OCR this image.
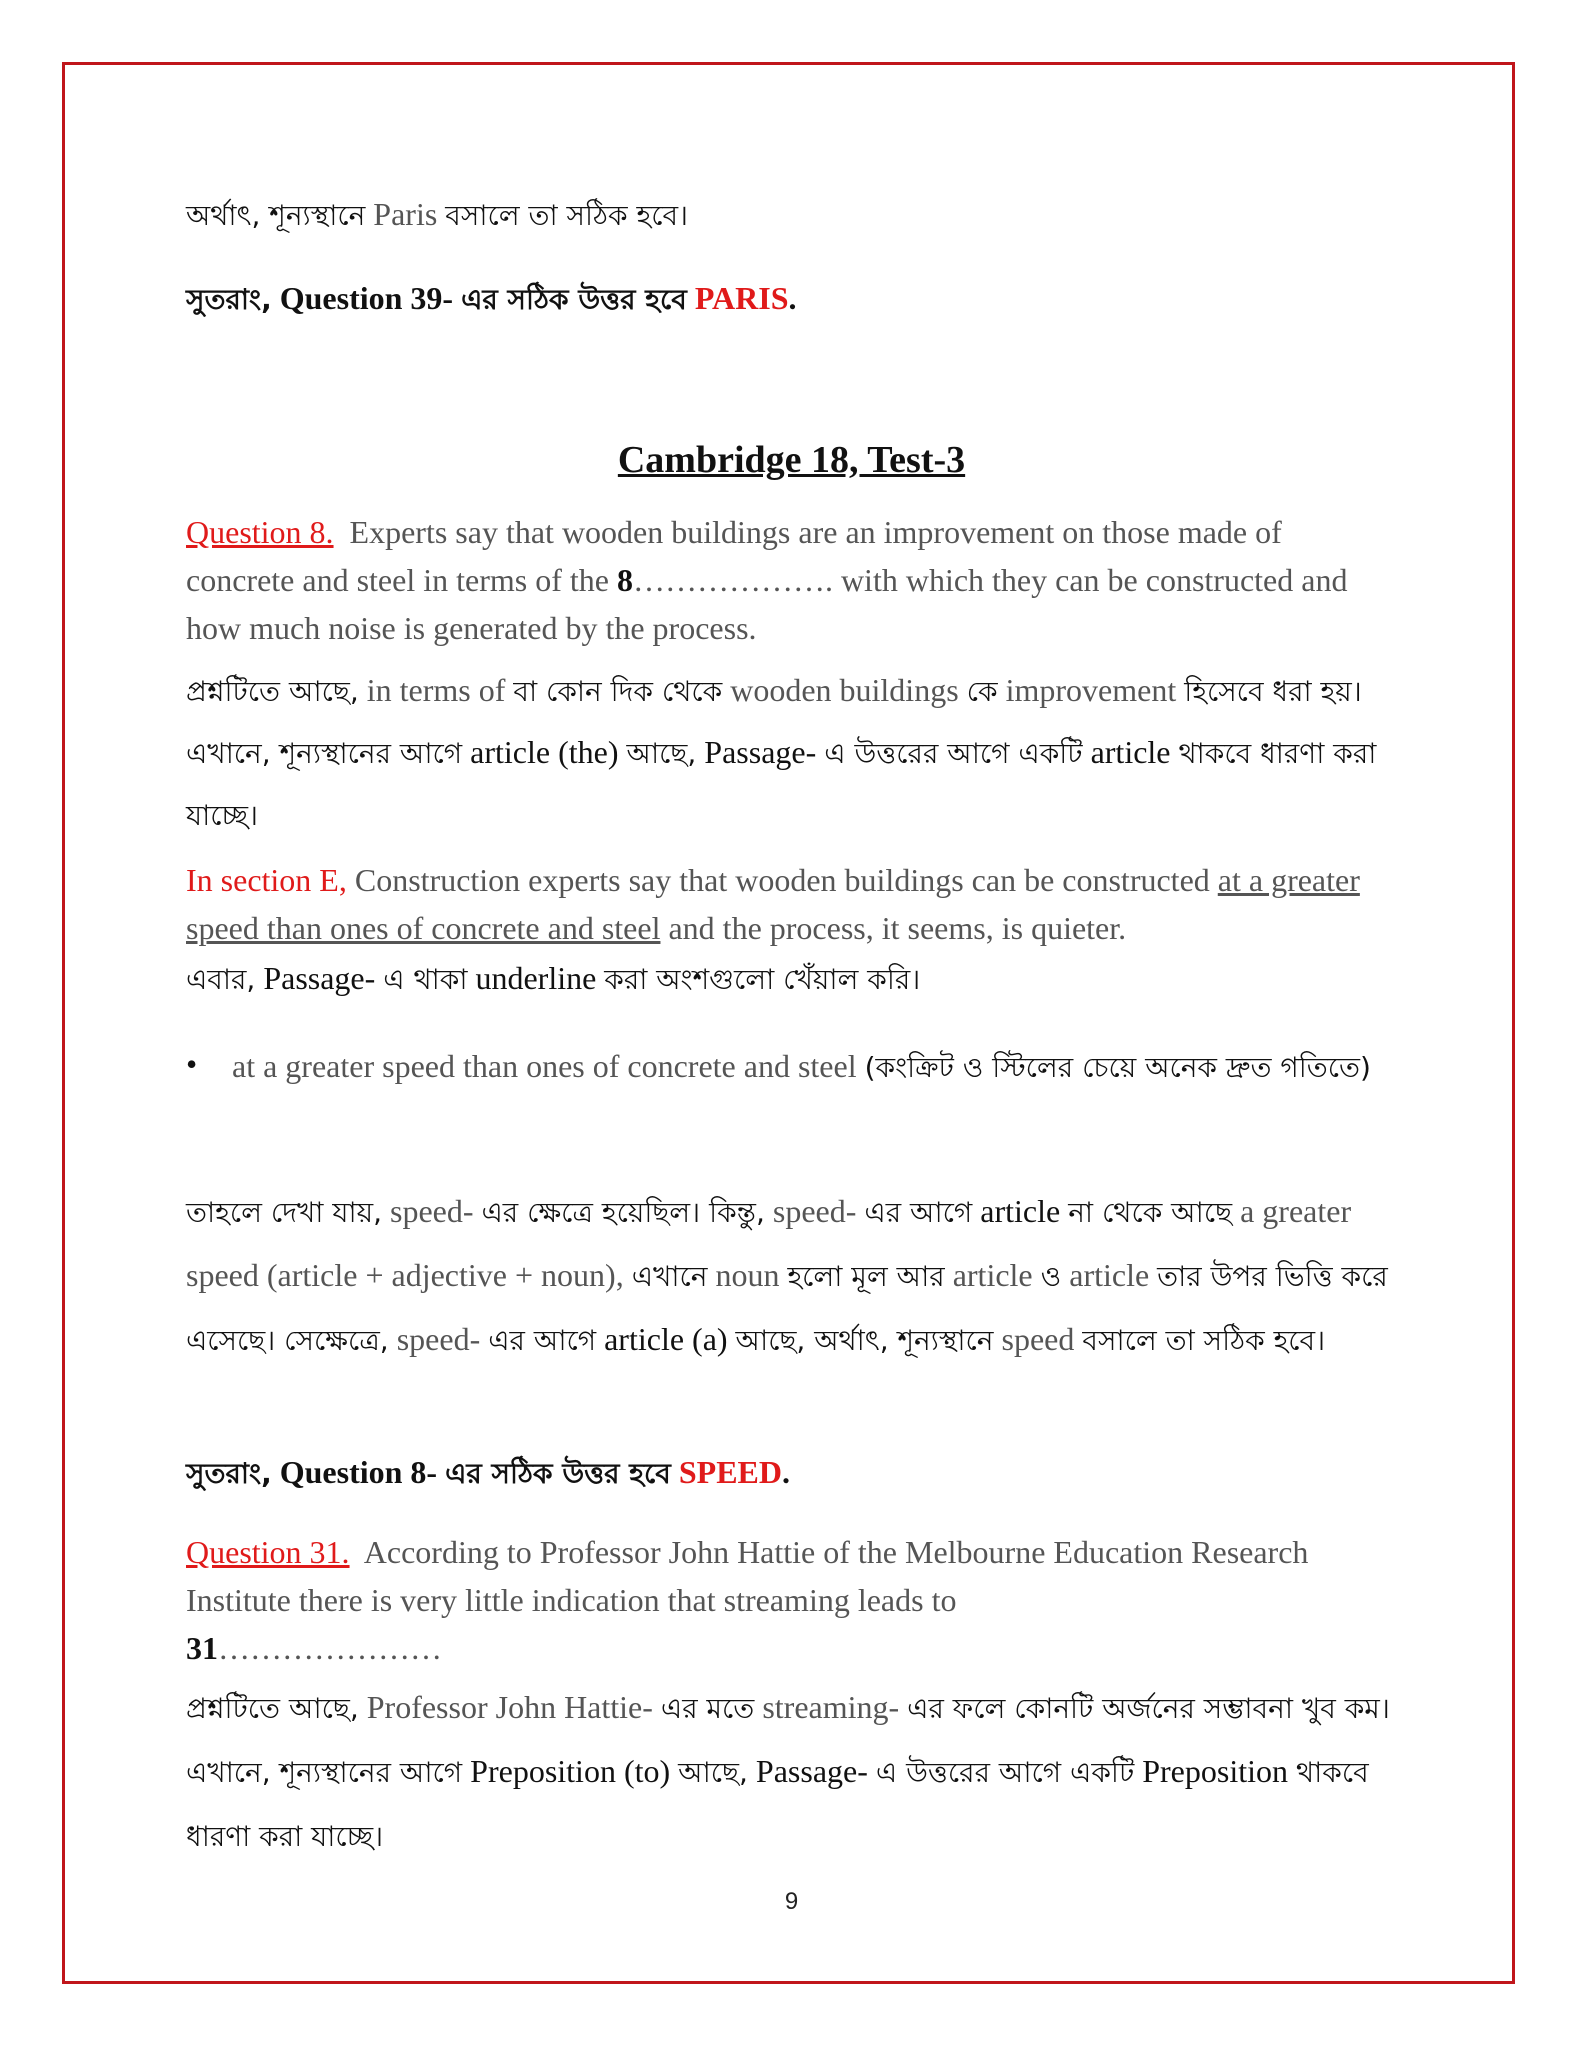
অর্থাৎ, শূন্যস্থানে Paris বসালে তা সঠিক হবে।

সুতরাং, Question 39- এর সঠিক উত্তর হবে PARIS.

Cambridge 18, Test-3

Question 8. Experts say that wooden buildings are an improvement on those made of concrete and steel in terms of the 8………………. with which they can be constructed and how much noise is generated by the process.

প্রশ্নটিতে আছে, in terms of বা কোন দিক থেকে wooden buildings কে improvement হিসেবে ধরা হয়। এখানে, শূন্যস্থানের আগে article (the) আছে, Passage- এ উত্তরের আগে একটি article থাকবে ধারণা করা যাচ্ছে।

In section E, Construction experts say that wooden buildings can be constructed at a greater speed than ones of concrete and steel and the process, it seems, is quieter.

এবার, Passage- এ থাকা underline করা অংশগুলো খেঁয়াল করি।

• at a greater speed than ones of concrete and steel (কংক্রিট ও স্টিলের চেয়ে অনেক দ্রুত গতিতে)

তাহলে দেখা যায়, speed- এর ক্ষেত্রে হয়েছিল। কিন্তু, speed- এর আগে article না থেকে আছে a greater speed (article + adjective + noun), এখানে noun হলো মূল আর article ও article তার উপর ভিত্তি করে এসেছে। সেক্ষেত্রে, speed- এর আগে article (a) আছে, অর্থাৎ, শূন্যস্থানে speed বসালে তা সঠিক হবে।

সুতরাং, Question 8- এর সঠিক উত্তর হবে SPEED.

Question 31. According to Professor John Hattie of the Melbourne Education Research Institute there is very little indication that streaming leads to
31…………………

প্রশ্নটিতে আছে, Professor John Hattie- এর মতে streaming- এর ফলে কোনটি অর্জনের সম্ভাবনা খুব কম। এখানে, শূন্যস্থানের আগে Preposition (to) আছে, Passage- এ উত্তরের আগে একটি Preposition থাকবে ধারণা করা যাচ্ছে।

9
